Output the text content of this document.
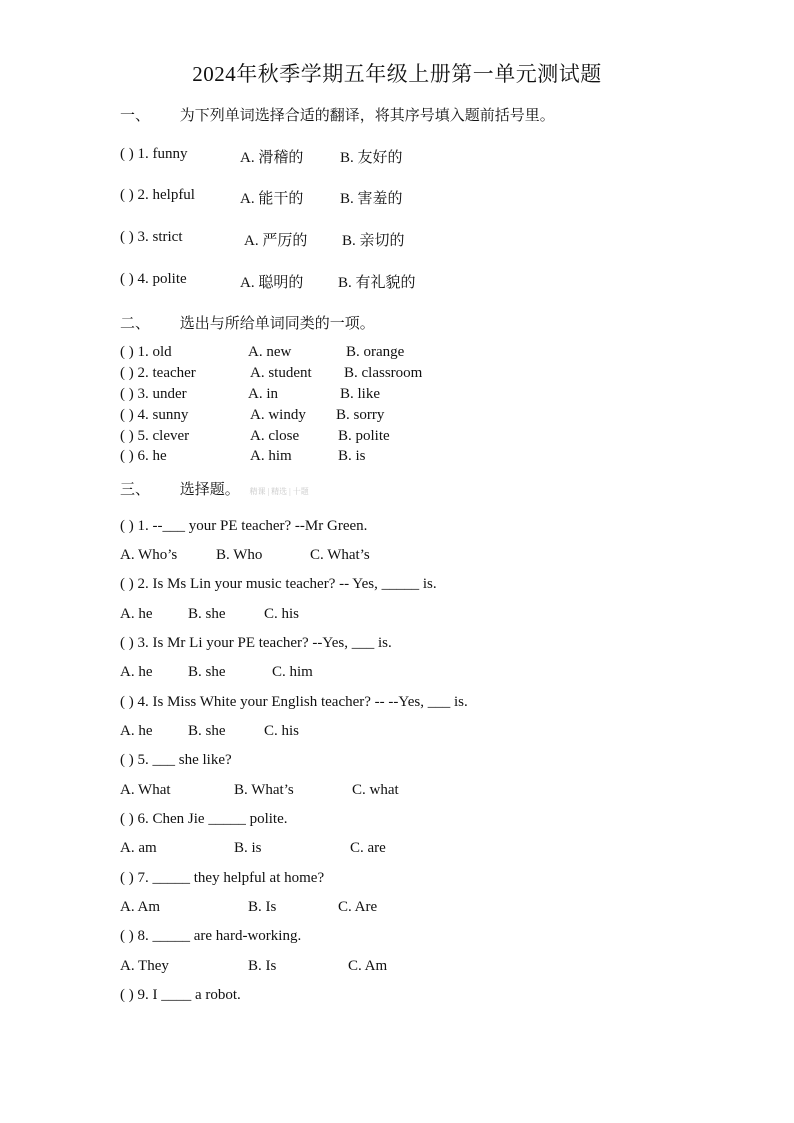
2024年秋季学期五年级上册第一单元测试题
一、 为下列单词选择合适的翻译，将其序号填入题前括号里。
( ) 1. funny	A. 滑稽的 B. 友好的
( ) 2. helpful	A. 能干的 B. 害羞的
( ) 3. strict	A. 严厉的 B. 亲切的
( ) 4. polite	A. 聪明的 B. 有礼貌的
二、 选出与所给单词同类的一项。
( ) 1. old	A. new	B. orange
( ) 2. teacher	A. student B. classroom
( ) 3. under	A. in	B. like
( ) 4. sunny	A. windy B. sorry
( ) 5. clever	A. close	B. polite
( ) 6. he	A. him	B. is
三、 选择题。 精课 | 精选 | 十题
( ) 1. --___ your PE teacher? --Mr Green.
A. Who’s	B. Who	C. What’s
( ) 2. Is Ms Lin your music teacher? -- Yes, _____ is.
A. he B. she	C. his
( ) 3. Is Mr Li your PE teacher? --Yes, ___ is.
A. he B. she	C. him
( ) 4. Is Miss White your English teacher? -- --Yes, ___ is.
A. he B. she	C. his
( ) 5. ___ she like?
A. What	B. What’s	C. what
( ) 6. Chen Jie _____ polite.
A. am	B. is	C. are
( ) 7. _____ they helpful at home?
A. Am	B. Is	C. Are
( ) 8. _____ are hard-working.
A. They	B. Is	C. Am
( ) 9. I ____ a robot.
